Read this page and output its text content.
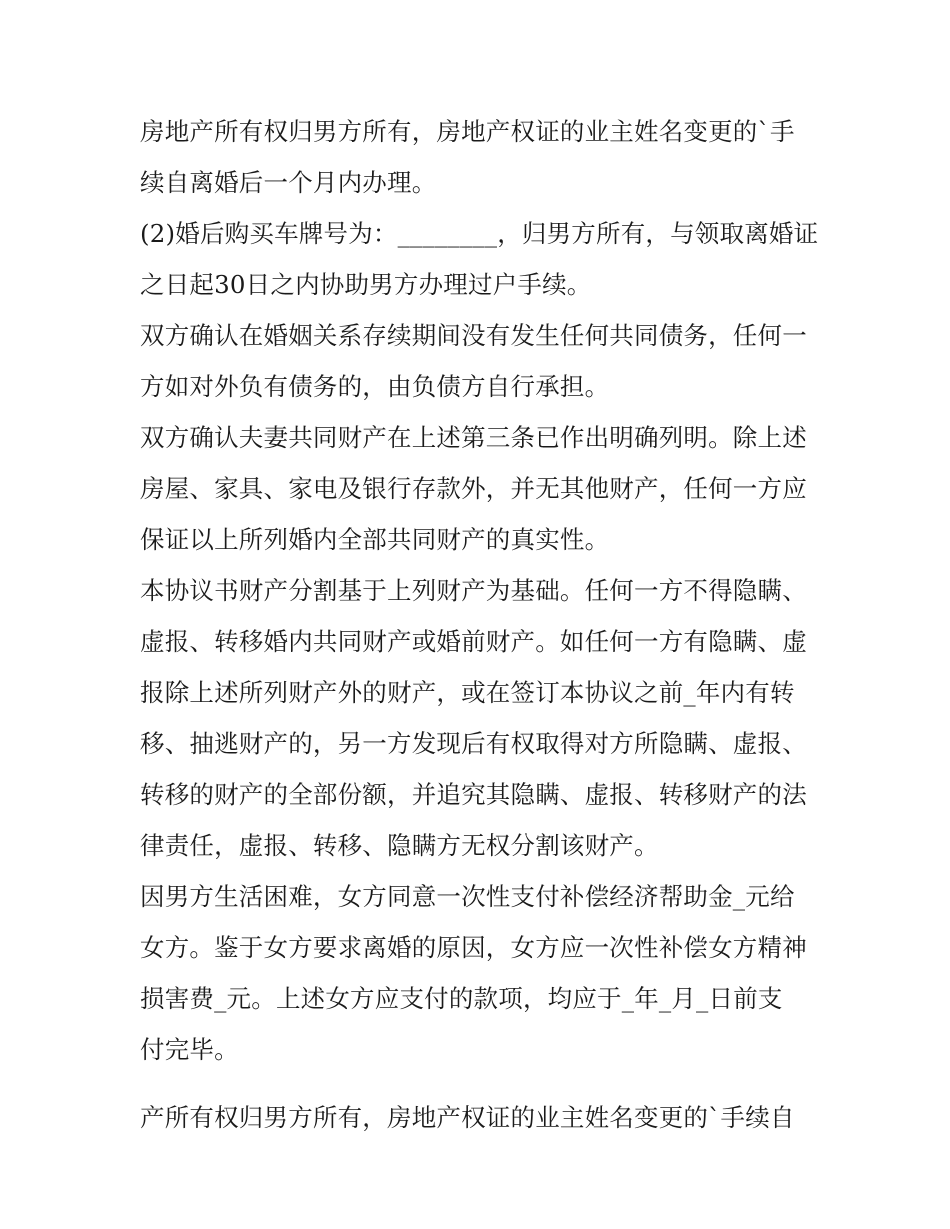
房地产所有权归男方所有，房地产权证的业主姓名变更的`手
续自离婚后一个月内办理。
(2)婚后购买车牌号为：________，归男方所有，与领取离婚证
之日起30日之内协助男方办理过户手续。
双方确认在婚姻关系存续期间没有发生任何共同债务，任何一
方如对外负有债务的，由负债方自行承担。
双方确认夫妻共同财产在上述第三条已作出明确列明。除上述
房屋、家具、家电及银行存款外，并无其他财产，任何一方应
保证以上所列婚内全部共同财产的真实性。
本协议书财产分割基于上列财产为基础。任何一方不得隐瞒、
虚报、转移婚内共同财产或婚前财产。如任何一方有隐瞒、虚
报除上述所列财产外的财产，或在签订本协议之前_年内有转
移、抽逃财产的，另一方发现后有权取得对方所隐瞒、虚报、
转移的财产的全部份额，并追究其隐瞒、虚报、转移财产的法
律责任，虚报、转移、隐瞒方无权分割该财产。
因男方生活困难，女方同意一次性支付补偿经济帮助金_元给
女方。鉴于女方要求离婚的原因，女方应一次性补偿女方精神
损害费_元。上述女方应支付的款项，均应于_年_月_日前支
付完毕。
产所有权归男方所有，房地产权证的业主姓名变更的`手续自
